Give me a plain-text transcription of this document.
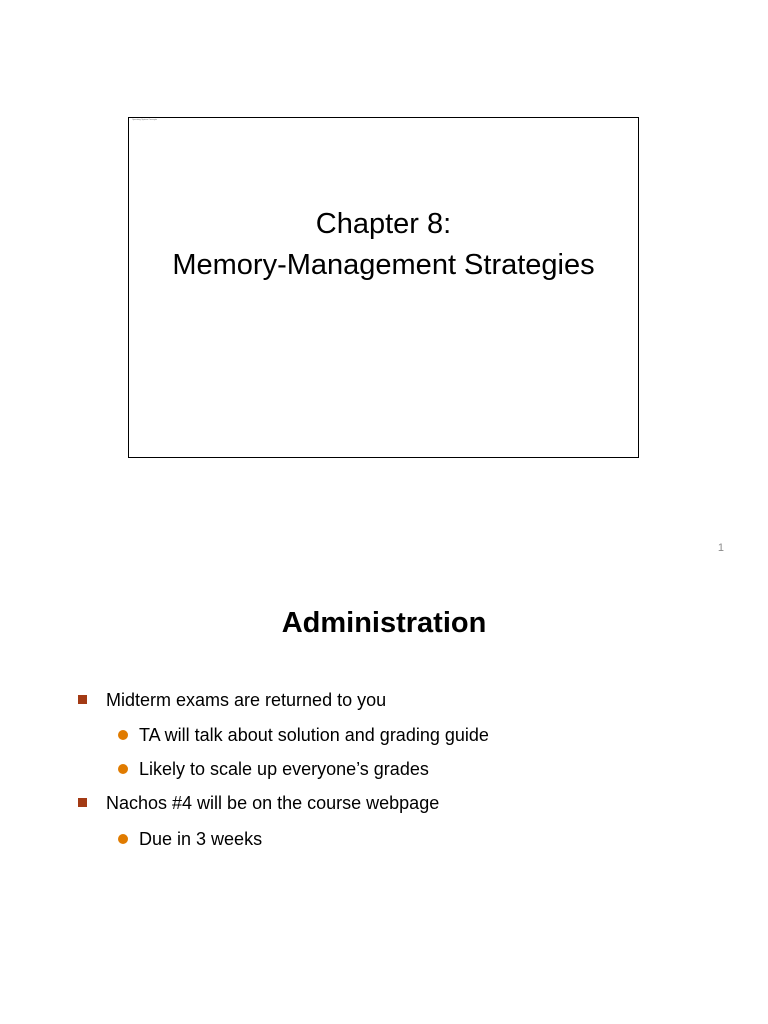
Operating System Concepts
Chapter 8:
Memory-Management Strategies
1
Administration
Midterm exams are returned to you
TA will talk about solution and grading guide
Likely to scale up everyone’s grades
Nachos #4 will be on the course webpage
Due in 3 weeks
